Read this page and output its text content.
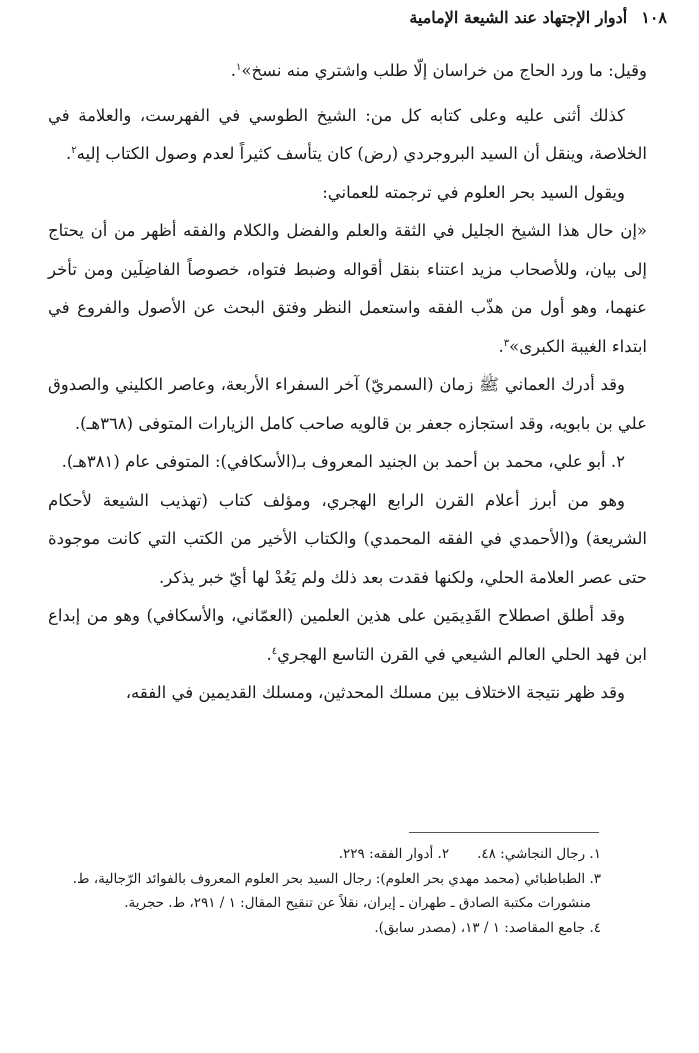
١٠٨أدوار الإجتهاد عند الشيعة الإمامية

وقيل: ما ورد الحاج من خراسان إلّا طلب واشتري منه نسخ»$^١$.

كذلك أثنى عليه وعلى كتابه كل من: الشيخ الطوسي في الفهرست، والعلامة في الخلاصة، وينقل أن السيد البروجردي (رض) كان يتأسف كثيراً لعدم وصول الكتاب إليه$^٢$.

ويقول السيد بحر العلوم في ترجمته للعماني:

«إن حال هذا الشيخ الجليل في الثقة والعلم والفضل والكلام والفقه أظهر من أن يحتاج إلى بيان، وللأصحاب مزيد اعتناء بنقل أقواله وضبط فتواه، خصوصاً الفاضِلَين ومن تأخر عنهما، وهو أول من هذّب الفقه واستعمل النظر وفتق البحث عن الأصول والفروع في ابتداء الغيبة الكبرى»$^٣$.

وقد أدرك العماني ﷺ زمان (السمريّ) آخر السفراء الأربعة، وعاصر الكليني والصدوق علي بن بابويه، وقد استجازه جعفر بن قالويه صاحب كامل الزيارات المتوفى (٣٦٨هـ).

٢. أبو علي، محمد بن أحمد بن الجنيد المعروف بـ(الأسكافي): المتوفى عام (٣٨١هـ).

وهو من أبرز أعلام القرن الرابع الهجري، ومؤلف كتاب (تهذيب الشيعة لأحكام الشريعة) و(الأحمدي في الفقه المحمدي) والكتاب الأخير من الكتب التي كانت موجودة حتى عصر العلامة الحلي، ولكنها فقدت بعد ذلك ولم يَعُدْ لها أيّ خبر يذكر.

وقد أطلق اصطلاح القَدِيمَين على هذين العلمين (العمّاني، والأسكافي) وهو من إبداع ابن فهد الحلي العالم الشيعي في القرن التاسع الهجري$^٤$.

وقد ظهر نتيجة الاختلاف بين مسلك المحدثين، ومسلك القديمين في الفقه،

١. رجال النجاشي: ٤٨.٢. أدوار الفقه: ٢٢٩.
٣. الطباطبائي (محمد مهدي بحر العلوم): رجال السيد بحر العلوم المعروف بالفوائد الرّجالية، ط.
منشورات مكتبة الصادق ـ طهران ـ إيران، نقلاً عن تنقيح المقال: ١ / ٢٩١، ط. حجرية.
٤. جامع المقاصد: ١ / ١٣، (مصدر سابق).
